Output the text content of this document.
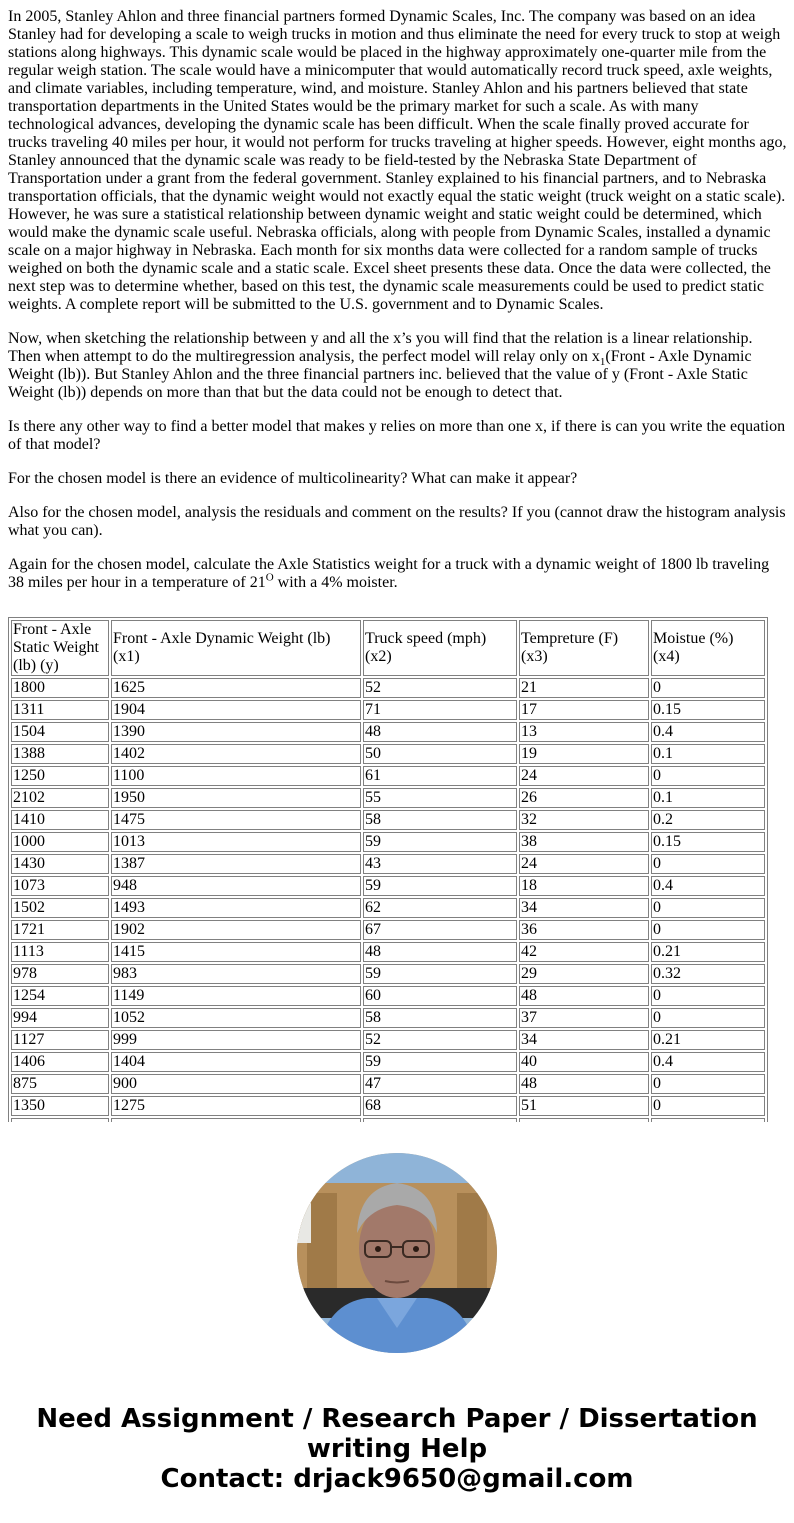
In 2005, Stanley Ahlon and three financial partners formed Dynamic Scales, Inc. The company was based on an idea Stanley had for developing a scale to weigh trucks in motion and thus eliminate the need for every truck to stop at weigh stations along highways. This dynamic scale would be placed in the highway approximately one-quarter mile from the regular weigh station. The scale would have a minicomputer that would automatically record truck speed, axle weights, and climate variables, including temperature, wind, and moisture. Stanley Ahlon and his partners believed that state transportation departments in the United States would be the primary market for such a scale. As with many technological advances, developing the dynamic scale has been difficult. When the scale finally proved accurate for trucks traveling 40 miles per hour, it would not perform for trucks traveling at higher speeds. However, eight months ago, Stanley announced that the dynamic scale was ready to be field-tested by the Nebraska State Department of Transportation under a grant from the federal government. Stanley explained to his financial partners, and to Nebraska transportation officials, that the dynamic weight would not exactly equal the static weight (truck weight on a static scale). However, he was sure a statistical relationship between dynamic weight and static weight could be determined, which would make the dynamic scale useful. Nebraska officials, along with people from Dynamic Scales, installed a dynamic scale on a major highway in Nebraska. Each month for six months data were collected for a random sample of trucks weighed on both the dynamic scale and a static scale. Excel sheet presents these data. Once the data were collected, the next step was to determine whether, based on this test, the dynamic scale measurements could be used to predict static weights. A complete report will be submitted to the U.S. government and to Dynamic Scales.

Now, when sketching the relationship between y and all the x’s you will find that the relation is a linear relationship. Then when attempt to do the multiregression analysis, the perfect model will relay only on $x_1(Front$ - Axle Dynamic Weight (lb)). But Stanley Ahlon and the three financial partners inc. believed that the value of y (Front - Axle Static Weight (lb)) depends on more than that but the data could not be enough to detect that.

Is there any other way to find a better model that makes y relies on more than one x, if there is can you write the equation of that model?

For the chosen model is there an evidence of multicolinearity? What can make it appear?

Also for the chosen model, analysis the residuals and comment on the results? If you (cannot draw the histogram analysis what you can).

Again for the chosen model, calculate the Axle Statistics weight for a truck with a dynamic weight of 1800 lb traveling 38 miles per hour in a temperature of $21^O$ with a 4% moister.

Front - Axle Static Weight (lb) (y)	Front - Axle Dynamic Weight (lb) (x1)	Truck speed (mph) (x2)	Tempreture (F) (x3)	Moistue (%) (x4)
1800	1625	52	21	0
1311	1904	71	17	0.15
1504	1390	48	13	0.4
1388	1402	50	19	0.1
1250	1100	61	24	0
2102	1950	55	26	0.1
1410	1475	58	32	0.2
1000	1013	59	38	0.15
1430	1387	43	24	0
1073	948	59	18	0.4
1502	1493	62	34	0
1721	1902	67	36	0
1113	1415	48	42	0.21
978	983	59	29	0.32
1254	1149	60	48	0
994	1052	58	37	0
1127	999	52	34	0.21
1406	1404	59	40	0.4
875	900	47	48	0
1350	1275	68	51	0

Need Assignment / Research Paper / Dissertation
writing Help
Contact: drjack9650@gmail.com
